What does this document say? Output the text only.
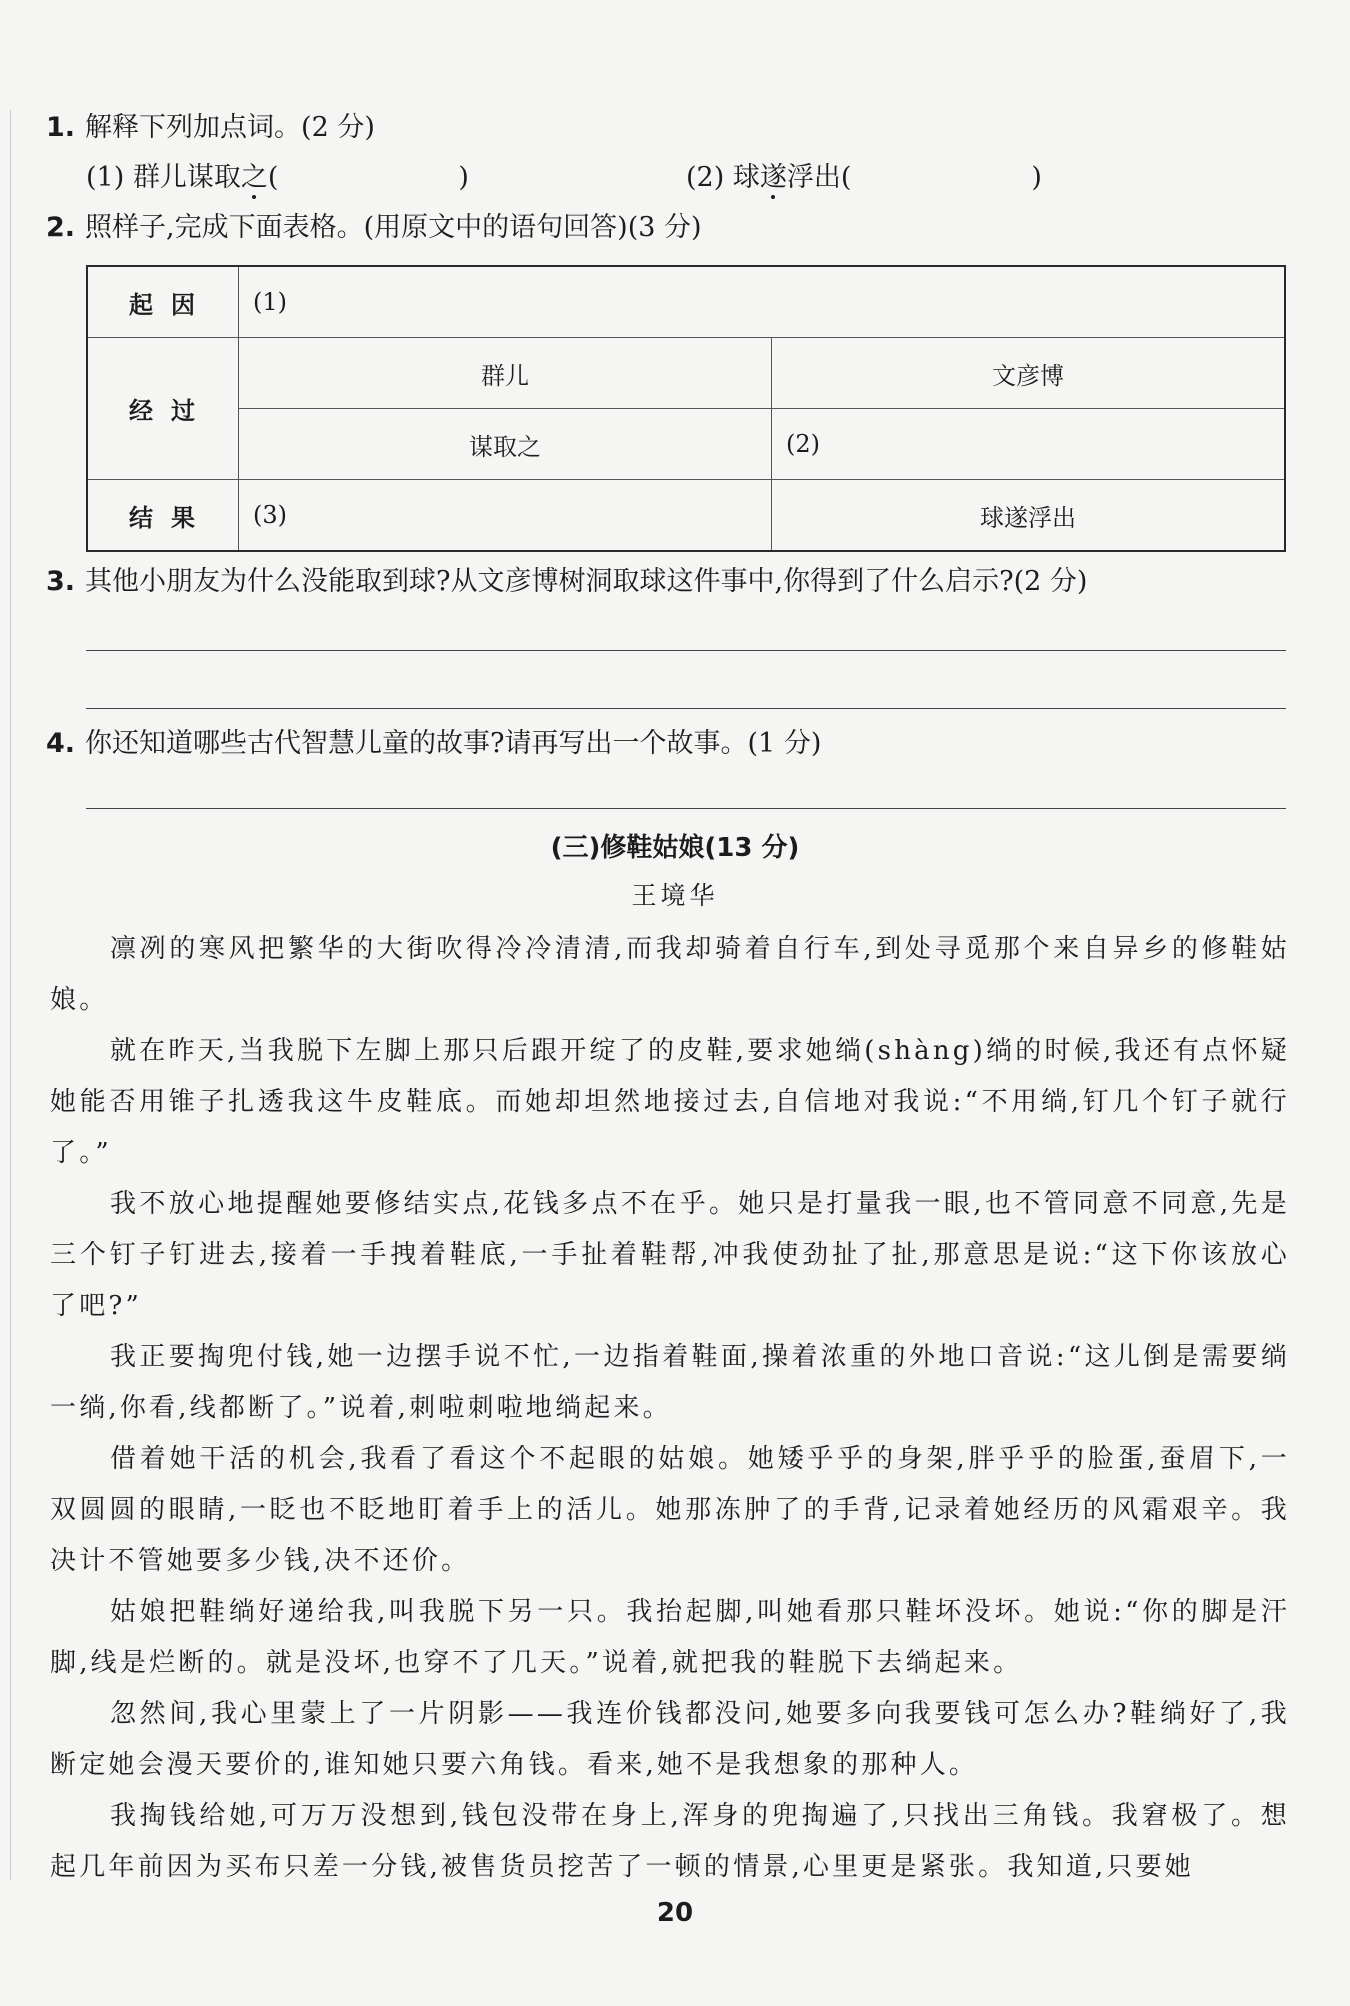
1. 解释下列加点词。(2 分)
(1) 群儿谋取之(	)	(2) 球遂浮出(	)
2. 照样子,完成下面表格。(用原文中的语句回答)(3 分)
起因	(1)	
经过	群儿	文彦博
	谋取之	(2)
结果	(3)	球遂浮出
3. 其他小朋友为什么没能取到球?从文彦博树洞取球这件事中,你得到了什么启示?(2 分)
4. 你还知道哪些古代智慧儿童的故事?请再写出一个故事。(1 分)
(三)修鞋姑娘(13 分)
王境华
凛冽的寒风把繁华的大街吹得冷冷清清,而我却骑着自行车,到处寻觅那个来自异乡的修鞋姑娘。
就在昨天,当我脱下左脚上那只后跟开绽了的皮鞋,要求她绱(shàng)绱的时候,我还有点怀疑她能否用锥子扎透我这牛皮鞋底。而她却坦然地接过去,自信地对我说:“不用绱,钉几个钉子就行了。”
我不放心地提醒她要修结实点,花钱多点不在乎。她只是打量我一眼,也不管同意不同意,先是三个钉子钉进去,接着一手拽着鞋底,一手扯着鞋帮,冲我使劲扯了扯,那意思是说:“这下你该放心了吧?”
我正要掏兜付钱,她一边摆手说不忙,一边指着鞋面,操着浓重的外地口音说:“这儿倒是需要绱一绱,你看,线都断了。”说着,刺啦刺啦地绱起来。
借着她干活的机会,我看了看这个不起眼的姑娘。她矮乎乎的身架,胖乎乎的脸蛋,蚕眉下,一双圆圆的眼睛,一眨也不眨地盯着手上的活儿。她那冻肿了的手背,记录着她经历的风霜艰辛。我决计不管她要多少钱,决不还价。
姑娘把鞋绱好递给我,叫我脱下另一只。我抬起脚,叫她看那只鞋坏没坏。她说:“你的脚是汗脚,线是烂断的。就是没坏,也穿不了几天。”说着,就把我的鞋脱下去绱起来。
忽然间,我心里蒙上了一片阴影——我连价钱都没问,她要多向我要钱可怎么办?鞋绱好了,我断定她会漫天要价的,谁知她只要六角钱。看来,她不是我想象的那种人。
我掏钱给她,可万万没想到,钱包没带在身上,浑身的兜掏遍了,只找出三角钱。我窘极了。想起几年前因为买布只差一分钱,被售货员挖苦了一顿的情景,心里更是紧张。我知道,只要她
20
